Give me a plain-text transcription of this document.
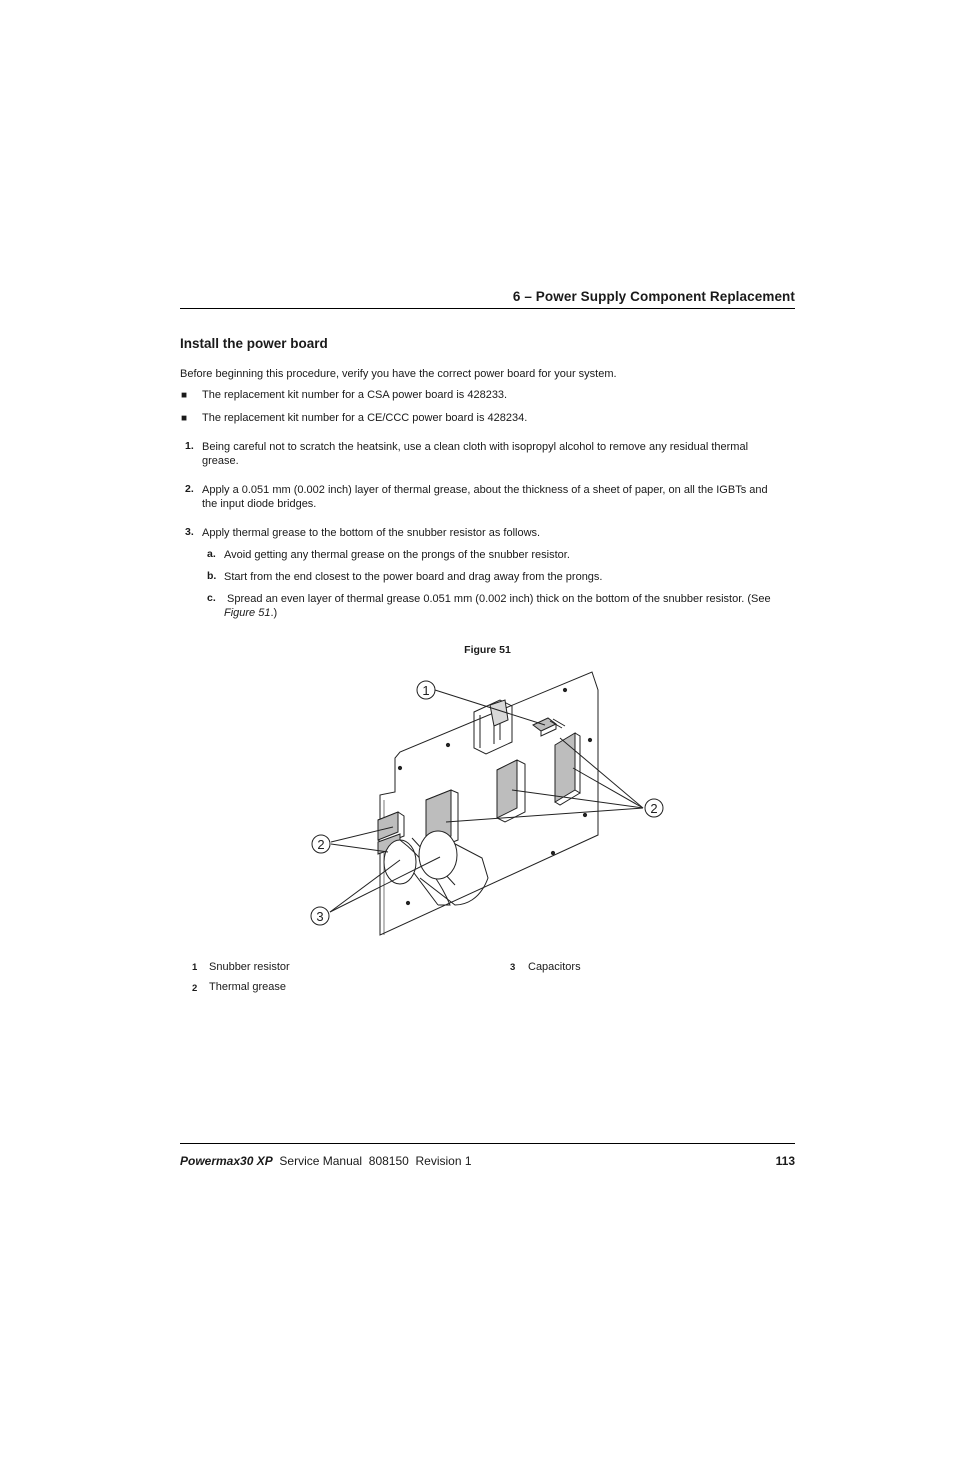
6 – Power Supply Component Replacement
Install the power board
Before beginning this procedure, verify you have the correct power board for your system.
■ The replacement kit number for a CSA power board is 428233.
■ The replacement kit number for a CE/CCC power board is 428234.
1. Being careful not to scratch the heatsink, use a clean cloth with isopropyl alcohol to remove any residual thermal
grease.
2. Apply a 0.051 mm (0.002 inch) layer of thermal grease, about the thickness of a sheet of paper, on all the IGBTs and
the input diode bridges.
3. Apply thermal grease to the bottom of the snubber resistor as follows.
a. Avoid getting any thermal grease on the prongs of the snubber resistor.
b. Start from the end closest to the power board and drag away from the prongs.
c. Spread an even layer of thermal grease 0.051 mm (0.002 inch) thick on the bottom of the snubber resistor. (See
Figure 51.)
Figure 51
1
2
2
3
1 Snubber resistor
2 Thermal grease
3 Capacitors
Powermax30 XP Service Manual  808150  Revision 1	113
